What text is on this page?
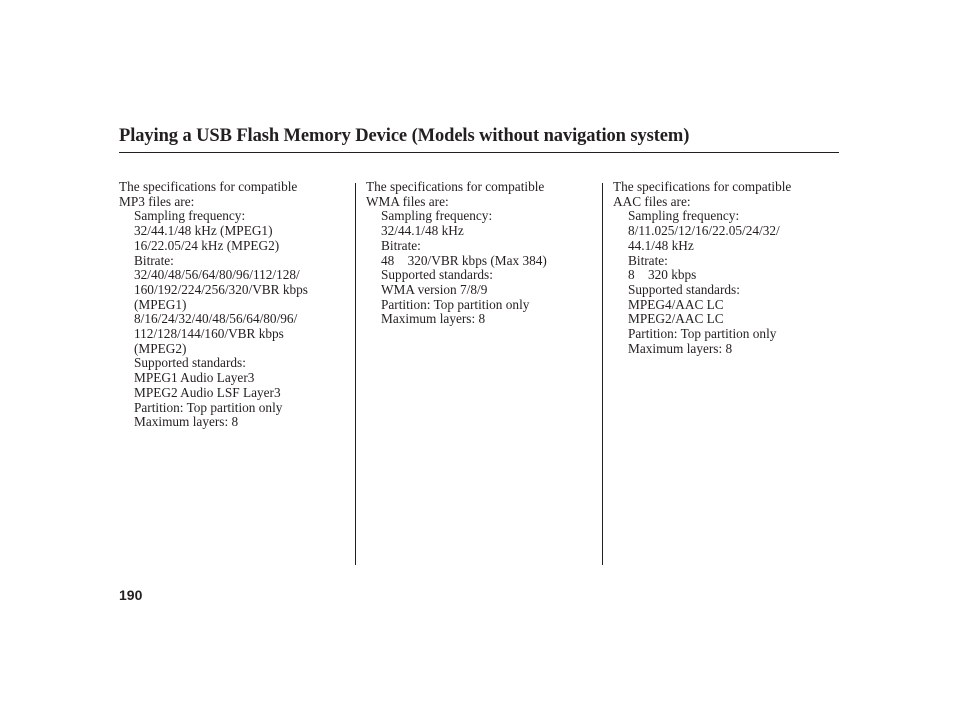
Playing a USB Flash Memory Device (Models without navigation system)
The specifications for compatible
MP3 files are:
Sampling frequency:
32/44.1/48 kHz (MPEG1)
16/22.05/24 kHz (MPEG2)
Bitrate:
32/40/48/56/64/80/96/112/128/
160/192/224/256/320/VBR kbps
(MPEG1)
8/16/24/32/40/48/56/64/80/96/
112/128/144/160/VBR kbps
(MPEG2)
Supported standards:
MPEG1 Audio Layer3
MPEG2 Audio LSF Layer3
Partition: Top partition only
Maximum layers: 8
The specifications for compatible
WMA files are:
Sampling frequency:
32/44.1/48 kHz
Bitrate:
48    320/VBR kbps (Max 384)
Supported standards:
WMA version 7/8/9
Partition: Top partition only
Maximum layers: 8
The specifications for compatible
AAC files are:
Sampling frequency:
8/11.025/12/16/22.05/24/32/
44.1/48 kHz
Bitrate:
8    320 kbps
Supported standards:
MPEG4/AAC LC
MPEG2/AAC LC
Partition: Top partition only
Maximum layers: 8
190
